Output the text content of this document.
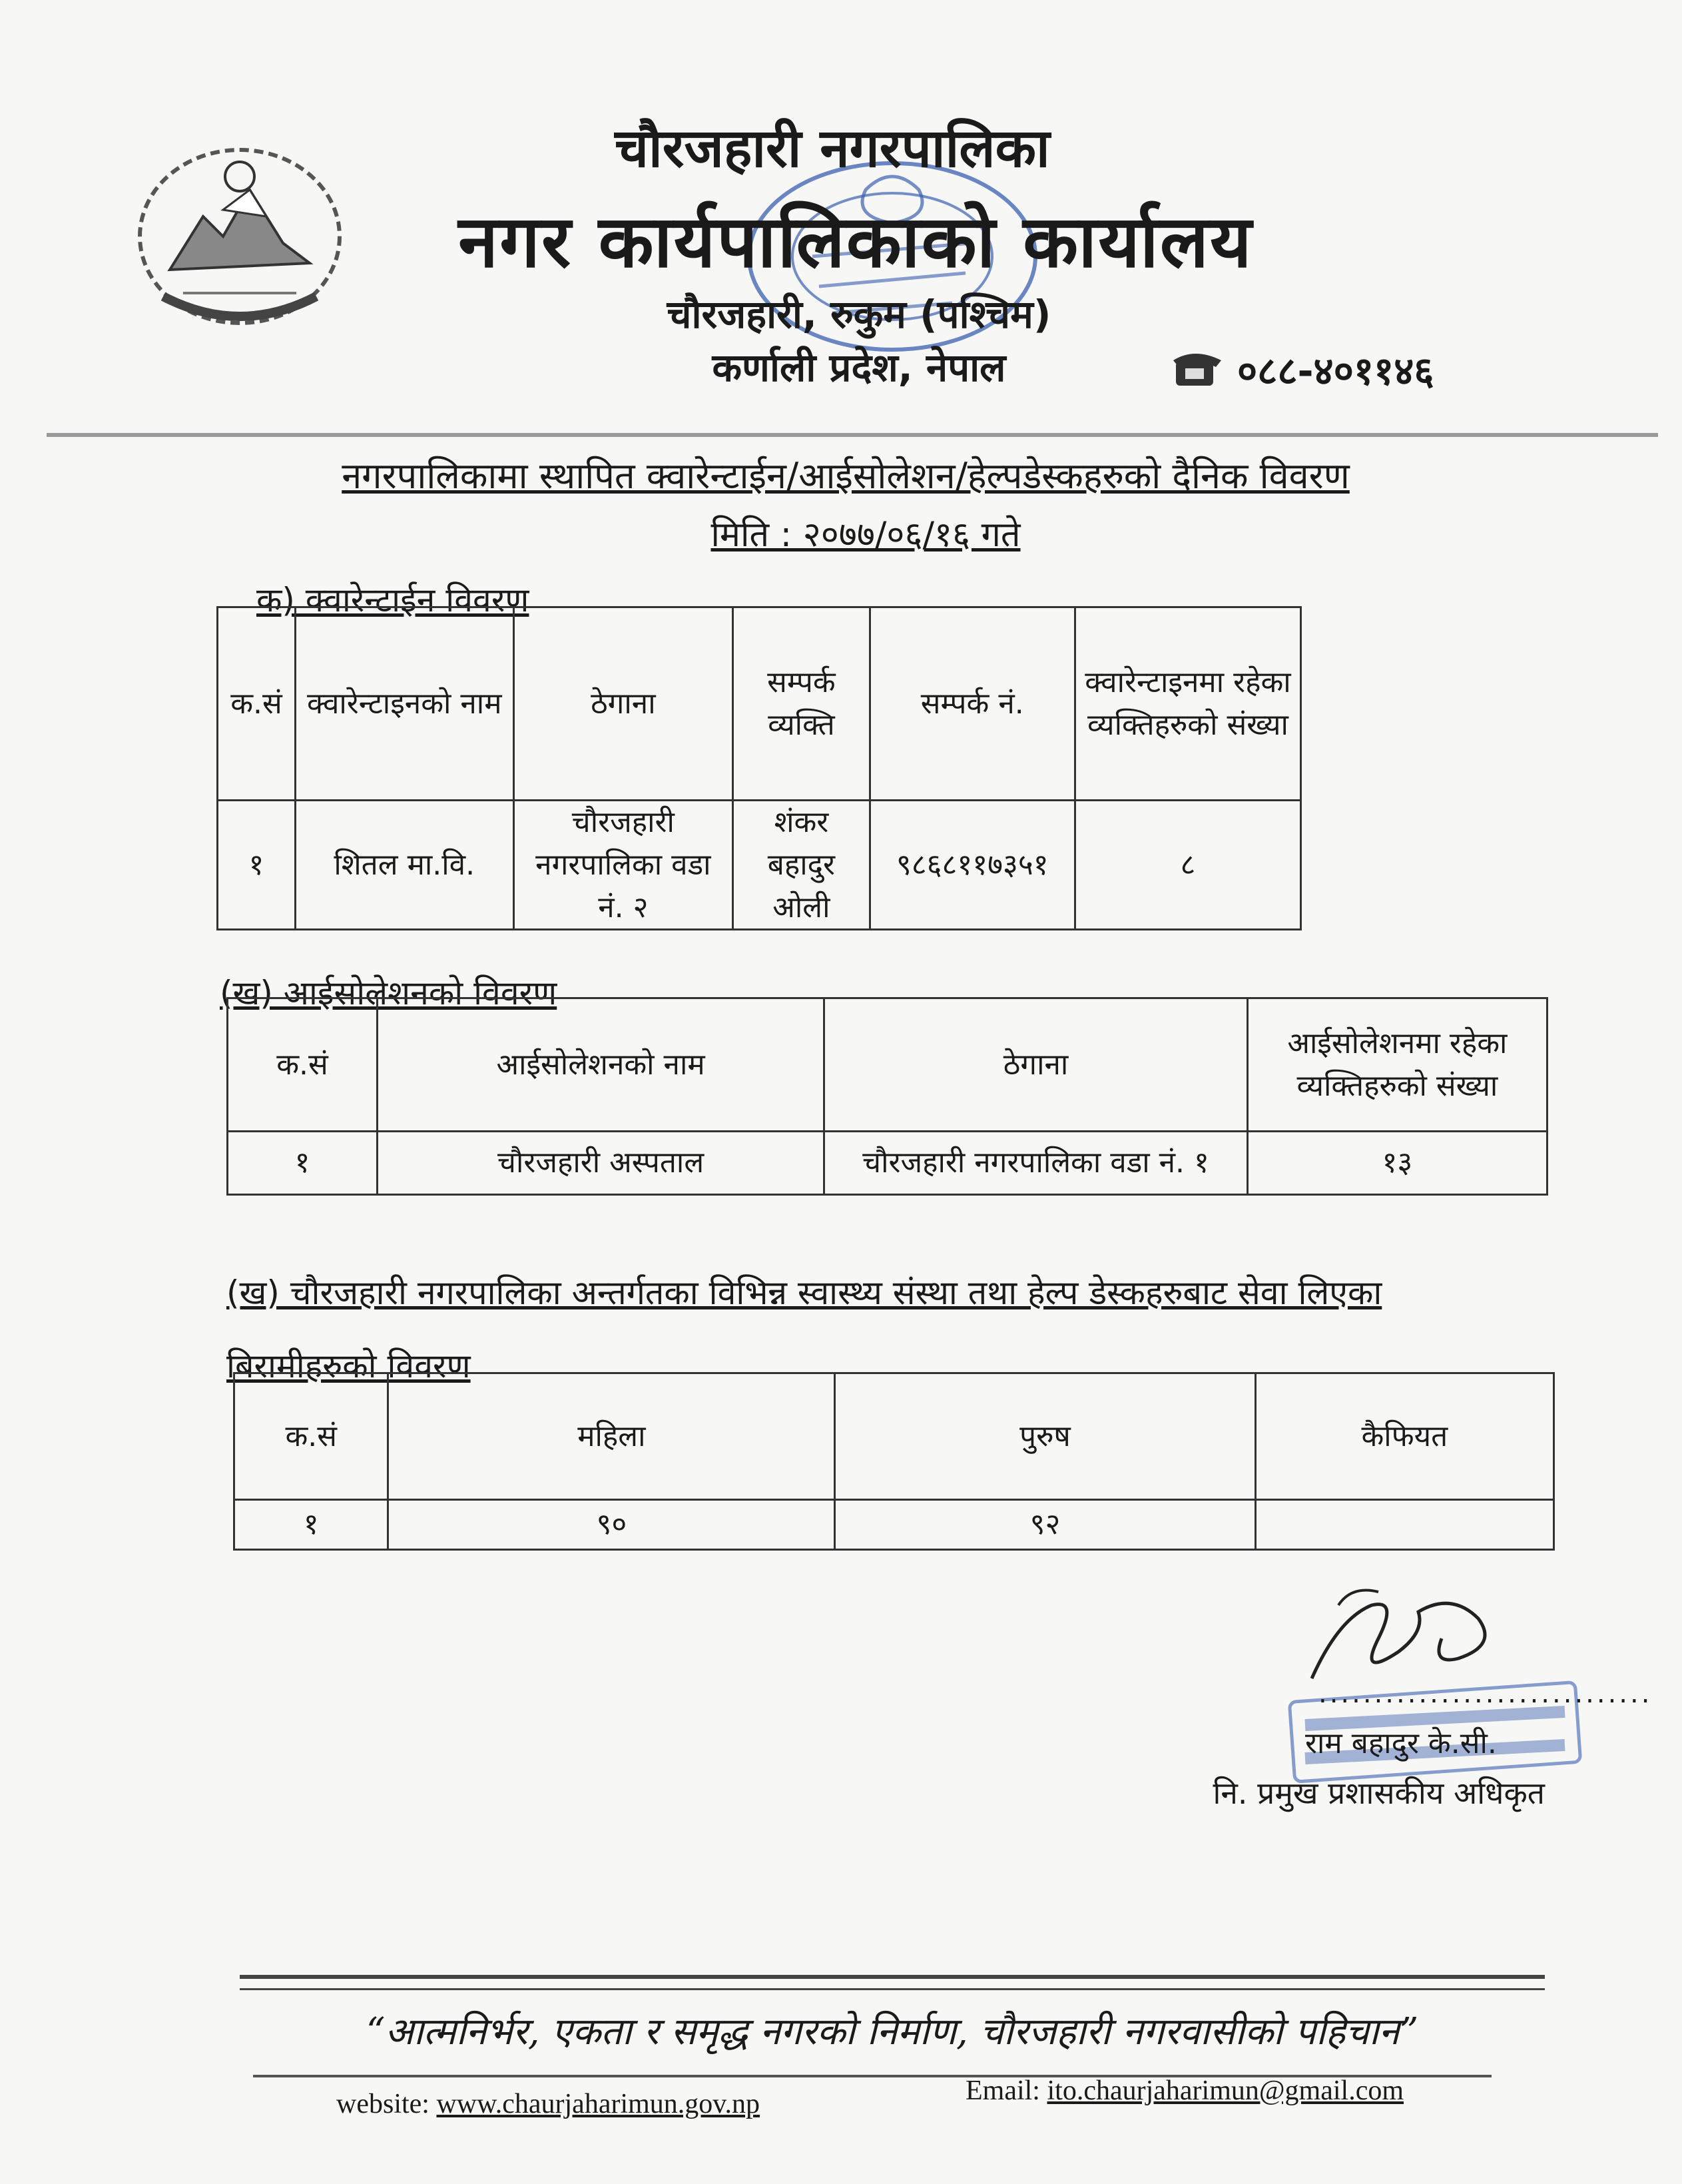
चौरजहारी नगरपालिका
नगर कार्यपालिकाको कार्यालय
चौरजहारी, रुकुम (पश्चिम)
कर्णाली प्रदेश, नेपाल	०८८-४०११४६
नगरपालिकामा स्थापित क्वारेन्टाईन/आईसोलेशन/हेल्पडेस्कहरुको दैनिक विवरण
मिति : २०७७/०६/१६ गते
क) क्वारेन्टाईन विवरण
क.सं	क्वारेन्टाइनको नाम	ठेगाना	सम्पर्क व्यक्ति	सम्पर्क नं.	क्वारेन्टाइनमा रहेका व्यक्तिहरुको संख्या
१	शितल मा.वि.	चौरजहारी नगरपालिका वडा नं. २	शंकर बहादुर ओली	९८६८११७३५१	८
(ख) आईसोलेशनको विवरण
क.सं	आईसोलेशनको नाम	ठेगाना	आईसोलेशनमा रहेका व्यक्तिहरुको संख्या
१	चौरजहारी अस्पताल	चौरजहारी नगरपालिका वडा नं. १	१३
(ख) चौरजहारी नगरपालिका अन्तर्गतका विभिन्न स्वास्थ्य संस्था तथा हेल्प डेस्कहरुबाट सेवा लिएका
बिरामीहरुको विवरण
क.सं	महिला	पुरुष	कैफियत
१	९०	९२	
..............................
राम बहादुर के.सी.
नि. प्रमुख प्रशासकीय अधिकृत
“आत्मनिर्भर, एकता र समृद्ध नगरको निर्माण, चौरजहारी नगरवासीको पहिचान”
website: www.chaurjaharimun.gov.np	Email: ito.chaurjaharimun@gmail.com
